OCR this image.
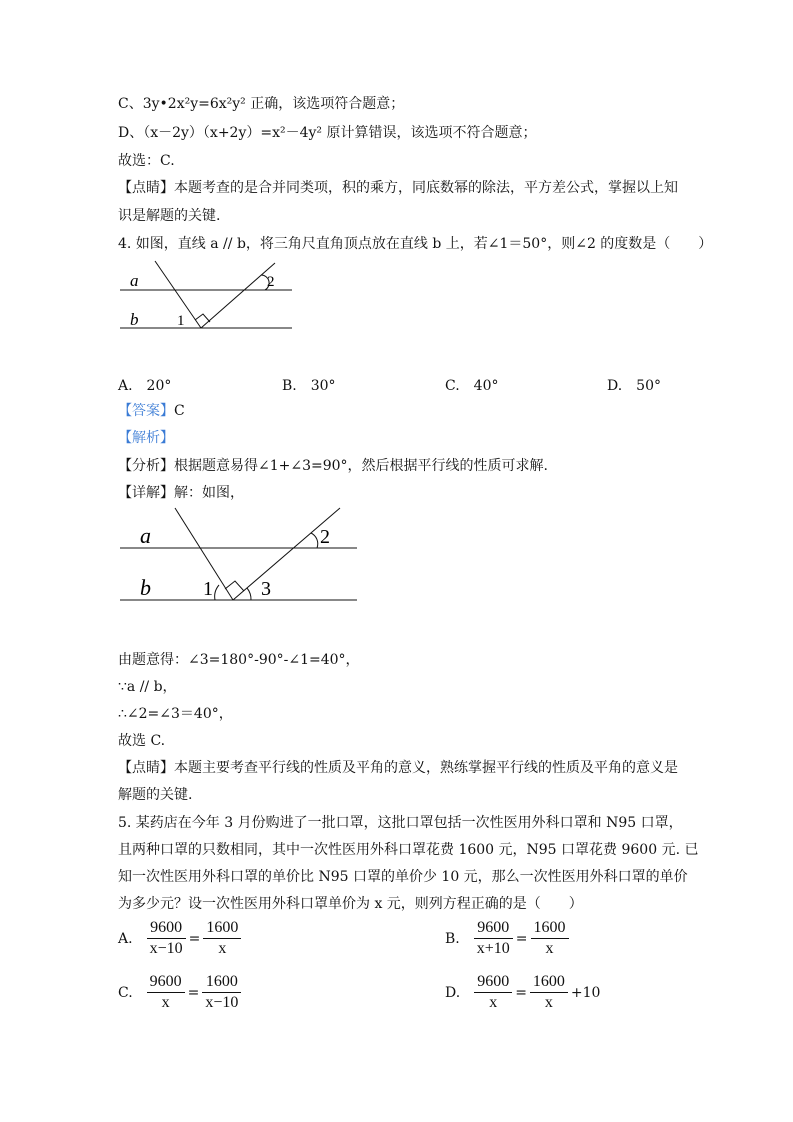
C、3y•2x²y=6x²y² 正确，该选项符合题意；
D、（x－2y）（x+2y）=x²－4y² 原计算错误，该选项不符合题意；
故选：C.
【点睛】本题考查的是合并同类项，积的乘方，同底数幂的除法，平方差公式，掌握以上知
识是解题的关键.
4. 如图，直线 a // b，将三角尺直角顶点放在直线 b 上，若∠1＝50°，则∠2 的度数是（　　）
a
b	1
2
A.　20°	B.　30°	C.　40°	D.　50°
【答案】C
【解析】
【分析】根据题意易得∠1+∠3=90°，然后根据平行线的性质可求解.
【详解】解：如图，
a
b	1
2
3
由题意得：∠3=180°-90°-∠1=40°，
∵a // b，
∴∠2=∠3＝40°，
故选 C.
【点睛】本题主要考查平行线的性质及平角的意义，熟练掌握平行线的性质及平角的意义是
解题的关键.
5. 某药店在今年 3 月份购进了一批口罩，这批口罩包括一次性医用外科口罩和 N95 口罩，
且两种口罩的只数相同，其中一次性医用外科口罩花费 1600 元，N95 口罩花费 9600 元. 已
知一次性医用外科口罩的单价比 N95 口罩的单价少 10 元，那么一次性医用外科口罩的单价
为多少元？设一次性医用外科口罩单价为 x 元，则列方程正确的是（　　）
A. $\frac{9600}{x-10} = \frac{1600}{x}$	B. $\frac{9600}{x+10} = \frac{1600}{x}$
C. $\frac{9600}{x} = \frac{1600}{x-10}$	D. $\frac{9600}{x} = \frac{1600}{x} +10$
